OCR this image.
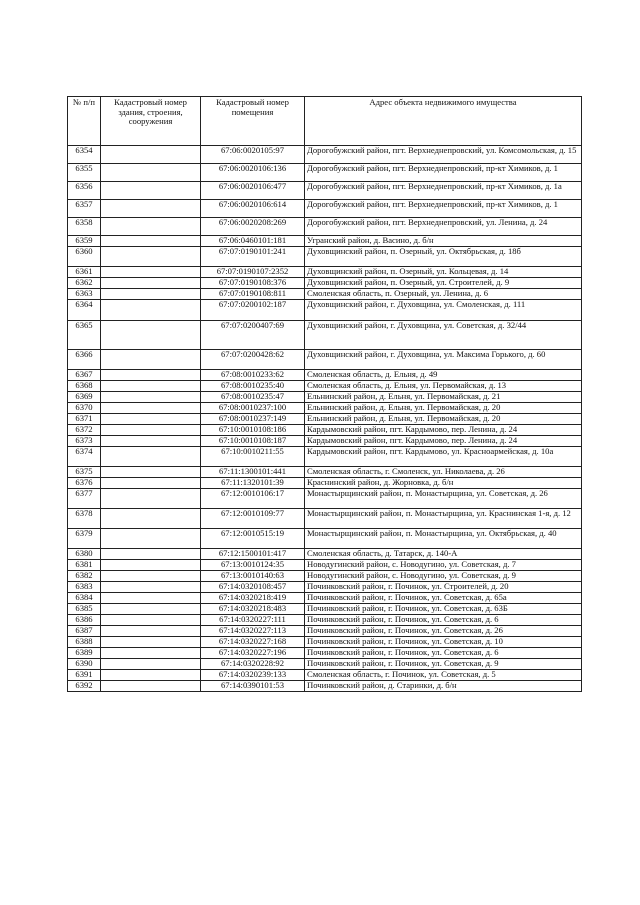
№ п/п	Кадастровый номер здания, строения, сооружения	Кадастровый номер помещения	Адрес объекта недвижимого имущества
6354		67:06:0020105:97	Дорогобужский район, пгт. Верхнеднепровский, ул. Комсомольская, д. 15
6355		67:06:0020106:136	Дорогобужский район, пгт. Верхнеднепровский, пр-кт Химиков, д. 1
6356		67:06:0020106:477	Дорогобужский район, пгт. Верхнеднепровский, пр-кт Химиков, д. 1а
6357		67:06:0020106:614	Дорогобужский район, пгт. Верхнеднепровский, пр-кт Химиков, д. 1
6358		67:06:0020208:269	Дорогобужский район, пгт. Верхнеднепровский, ул. Ленина, д. 24
6359		67:06:0460101:181	Угранский район, д. Васино, д. б/н
6360		67:07:0190101:241	Духовщинский район, п. Озерный, ул. Октябрьская, д. 18б
6361		67:07:0190107:2352	Духовщинский район, п. Озерный, ул. Кольцевая, д. 14
6362		67:07:0190108:376	Духовщинский район, п. Озерный, ул. Строителей, д. 9
6363		67:07:0190108:811	Смоленская область, п. Озерный, ул. Ленина, д. 6
6364		67:07:0200102:187	Духовщинский район, г. Духовщина, ул. Смоленская, д. 111
6365		67:07:0200407:69	Духовщинский район, г. Духовщина, ул. Советская, д. 32/44
6366		67:07:0200428:62	Духовщинский район, г. Духовщина, ул. Максима Горького, д. 60
6367		67:08:0010233:62	Смоленская область, д. Ельня, д. 49
6368		67:08:0010235:40	Смоленская область, д. Ельня, ул. Первомайская, д. 13
6369		67:08:0010235:47	Ельнинский район, д. Ельня, ул. Первомайская, д. 21
6370		67:08:0010237:100	Ельнинский район, д. Ельня, ул. Первомайская, д. 20
6371		67:08:0010237:149	Ельнинский район, д. Ельня, ул. Первомайская, д. 20
6372		67:10:0010108:186	Кардымовский район, пгт. Кардымово, пер. Ленина, д. 24
6373		67:10:0010108:187	Кардымовский район, пгт. Кардымово, пер. Ленина, д. 24
6374		67:10:0010211:55	Кардымовский район, пгт. Кардымово, ул. Красноармейская, д. 10а
6375		67:11:1300101:441	Смоленская область, г. Смоленск, ул. Николаева, д. 26
6376		67:11:1320101:39	Краснинский район, д. Жорновка, д. б/н
6377		67:12:0010106:17	Монастырщинский район, п. Монастырщина, ул. Советская, д. 26
6378		67:12:0010109:77	Монастырщинский район, п. Монастырщина, ул. Краснинская 1-я, д. 12
6379		67:12:0010515:19	Монастырщинский район, п. Монастырщина, ул. Октябрьская, д. 40
6380		67:12:1500101:417	Смоленская область, д. Татарск, д. 140-А
6381		67:13:0010124:35	Новодугинский район, с. Новодугино, ул. Советская, д. 7
6382		67:13:0010140:63	Новодугинский район, с. Новодугино, ул. Советская, д. 9
6383		67:14:0320108:457	Починковский район, г. Починок, ул. Строителей, д. 20
6384		67:14:0320218:419	Починковский район, г. Починок, ул. Советская, д. 65а
6385		67:14:0320218:483	Починковский район, г. Починок, ул. Советская, д. 63Б
6386		67:14:0320227:111	Починковский район, г. Починок, ул. Советская, д. 6
6387		67:14:0320227:113	Починковский район, г. Починок, ул. Советская, д. 26
6388		67:14:0320227:168	Починковский район, г. Починок, ул. Советская, д. 10
6389		67:14:0320227:196	Починковский район, г. Починок, ул. Советская, д. 6
6390		67:14:0320228:92	Починковский район, г. Починок, ул. Советская, д. 9
6391		67:14:0320239:133	Смоленская область, г. Починок, ул. Советская, д. 5
6392		67:14:0390101:53	Починковский район, д. Старинки, д. б/н
